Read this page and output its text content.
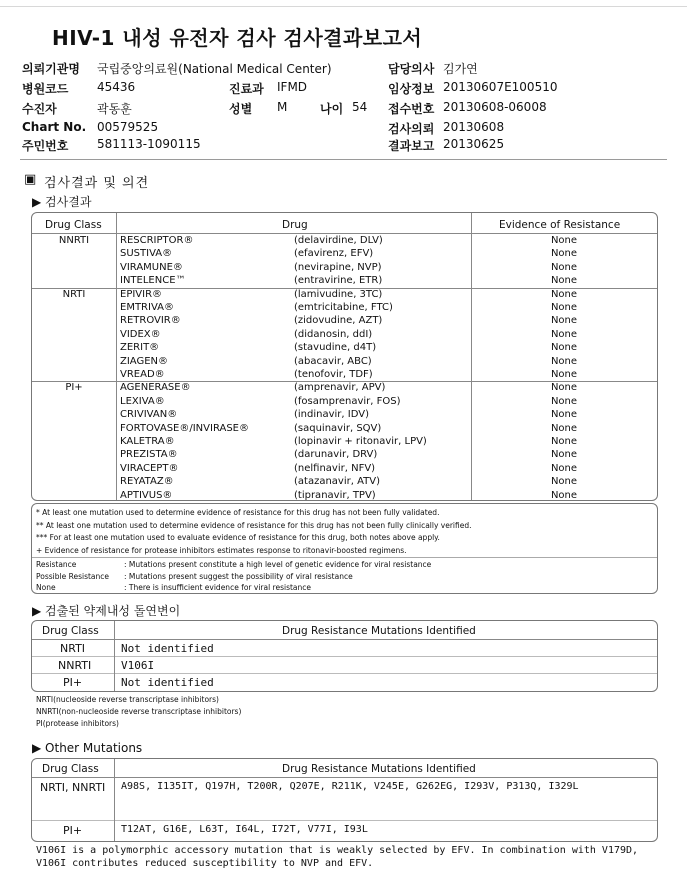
HIV-1 내성 유전자 검사 검사결과보고서
의뢰기관명 국립중앙의료원(National Medical Center)
병원코드 45436	진료과 IFMD
수진자	곽동훈	성별 M	나이 54
Chart No. 00579525
주민번호 581113-1090115
담당의사 김가연
임상정보 20130607E100510
접수번호 20130608-06008
검사의뢰 20130608
결과보고 20130625
▣ 검사결과 및 의견
▶ 검사결과
Drug Class	Drug	Evidence of Resistance
NNRTI	RESCRIPTOR®	(delavirdine, DLV)	None
SUSTIVA®	(efavirenz, EFV)	None
VIRAMUNE®	(nevirapine, NVP)	None
INTELENCE™	(entravirine, ETR)	None
NRTI	EPIVIR®	(lamivudine, 3TC)	None
EMTRIVA®	(emtricitabine, FTC)	None
RETROVIR®	(zidovudine, AZT)	None
VIDEX®	(didanosin, ddI)	None
ZERIT®	(stavudine, d4T)	None
ZIAGEN®	(abacavir, ABC)	None
VREAD®	(tenofovir, TDF)	None
PI+	AGENERASE®	(amprenavir, APV)	None
LEXIVA®	(fosamprenavir, FOS)	None
CRIVIVAN®	(indinavir, IDV)	None
FORTOVASE®/INVIRASE®	(saquinavir, SQV)	None
KALETRA®	(lopinavir + ritonavir, LPV)	None
PREZISTA®	(darunavir, DRV)	None
VIRACEPT®	(nelfinavir, NFV)	None
REYATAZ®	(atazanavir, ATV)	None
APTIVUS®	(tipranavir, TPV)	None
* At least one mutation used to determine evidence of resistance for this drug has not been fully validated.
** At least one mutation used to determine evidence of resistance for this drug has not been fully clinically verified.
*** For at least one mutation used to evaluate evidence of resistance for this drug, both notes above apply.
+ Evidence of resistance for protease inhibitors estimates response to ritonavir-boosted regimens.
Resistance	: Mutations present constitute a high level of genetic evidence for viral resistance
Possible Resistance : Mutations present suggest the possibility of viral resistance
None	: There is insufficient evidence for viral resistance
▶ 검출된 약제내성 돌연변이
Drug Class	Drug Resistance Mutations Identified
NRTI	Not identified
NNRTI	V106I
PI+	Not identified
NRTI(nucleoside reverse transcriptase inhibitors)
NNRTI(non-nucleoside reverse transcriptase inhibitors)
PI(protease inhibitors)
▶ Other Mutations
Drug Class	Drug Resistance Mutations Identified
NRTI, NNRTI A98S, I135IT, Q197H, T200R, Q207E, R211K, V245E, G262EG, I293V, P313Q, I329L
PI+	T12AT, G16E, L63T, I64L, I72T, V77I, I93L
V106I is a polymorphic accessory mutation that is weakly selected by EFV. In combination with V179D,
V106I contributes reduced susceptibility to NVP and EFV.
